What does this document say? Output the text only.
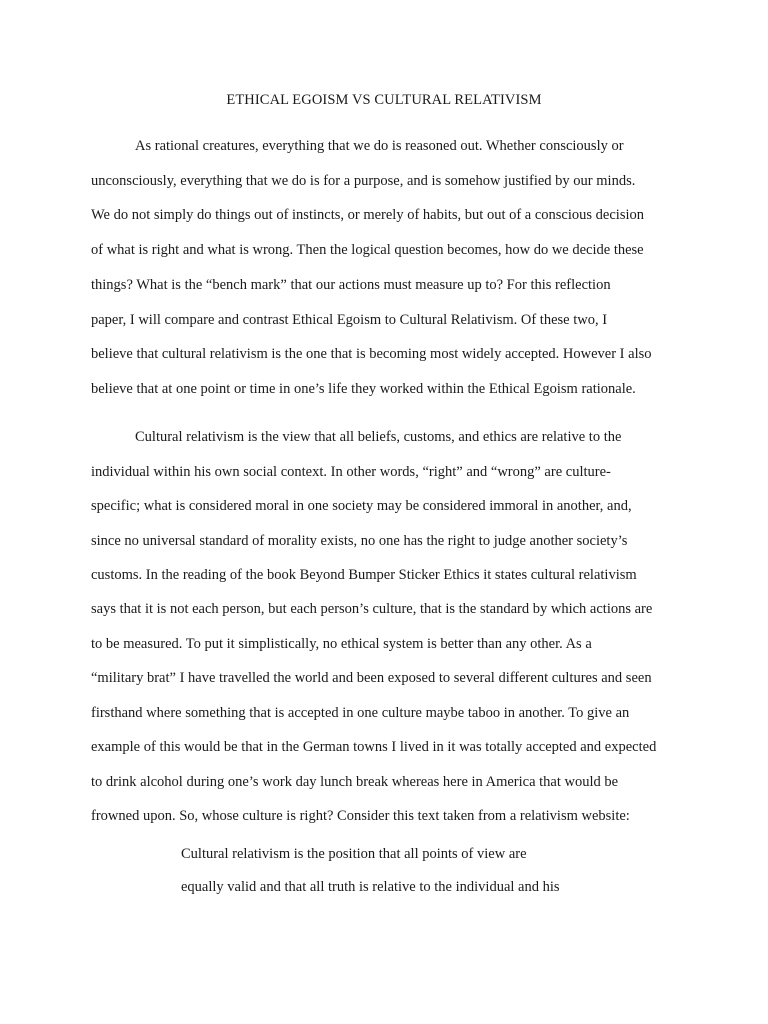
ETHICAL EGOISM VS CULTURAL RELATIVISM
As rational creatures, everything that we do is reasoned out. Whether consciously or
unconsciously, everything that we do is for a purpose, and is somehow justified by our minds.
We do not simply do things out of instincts, or merely of habits, but out of a conscious decision
of what is right and what is wrong. Then the logical question becomes, how do we decide these
things? What is the “bench mark” that our actions must measure up to? For this reflection
paper, I will compare and contrast Ethical Egoism to Cultural Relativism. Of these two, I
believe that cultural relativism is the one that is becoming most widely accepted. However I also
believe that at one point or time in one’s life they worked within the Ethical Egoism rationale.
Cultural relativism is the view that all beliefs, customs, and ethics are relative to the
individual within his own social context. In other words, “right” and “wrong” are culture-
specific; what is considered moral in one society may be considered immoral in another, and,
since no universal standard of morality exists, no one has the right to judge another society’s
customs. In the reading of the book Beyond Bumper Sticker Ethics it states cultural relativism
says that it is not each person, but each person’s culture, that is the standard by which actions are
to be measured. To put it simplistically, no ethical system is better than any other. As a
“military brat” I have travelled the world and been exposed to several different cultures and seen
firsthand where something that is accepted in one culture maybe taboo in another. To give an
example of this would be that in the German towns I lived in it was totally accepted and expected
to drink alcohol during one’s work day lunch break whereas here in America that would be
frowned upon. So, whose culture is right? Consider this text taken from a relativism website:
Cultural relativism is the position that all points of view are
equally valid and that all truth is relative to the individual and his
